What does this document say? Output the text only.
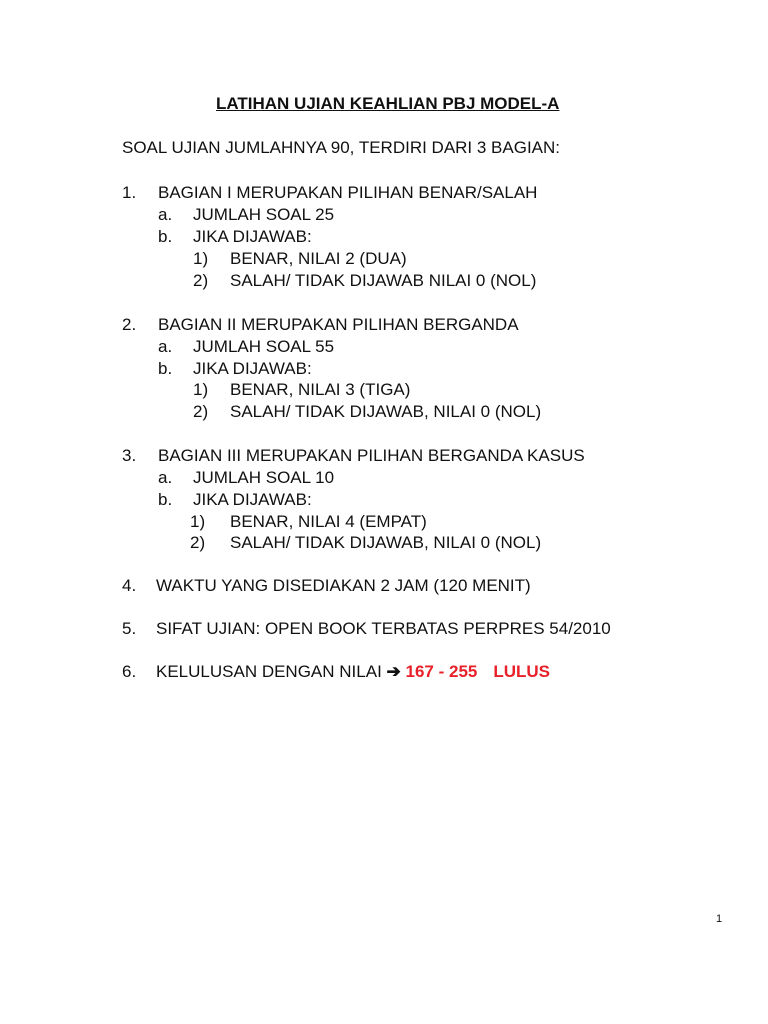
LATIHAN UJIAN KEAHLIAN PBJ MODEL-A
SOAL UJIAN JUMLAHNYA 90, TERDIRI DARI 3 BAGIAN:
1. BAGIAN I MERUPAKAN PILIHAN BENAR/SALAH
a. JUMLAH SOAL 25
b. JIKA DIJAWAB:
1) BENAR, NILAI 2 (DUA)
2) SALAH/ TIDAK DIJAWAB NILAI 0 (NOL)
2. BAGIAN II MERUPAKAN PILIHAN BERGANDA
a. JUMLAH SOAL 55
b. JIKA DIJAWAB:
1) BENAR, NILAI 3 (TIGA)
2) SALAH/ TIDAK DIJAWAB, NILAI 0 (NOL)
3. BAGIAN III MERUPAKAN PILIHAN BERGANDA KASUS
a. JUMLAH SOAL 10
b. JIKA DIJAWAB:
1) BENAR, NILAI 4 (EMPAT)
2) SALAH/ TIDAK DIJAWAB, NILAI 0 (NOL)
4. WAKTU YANG DISEDIAKAN 2 JAM (120 MENIT)
5. SIFAT UJIAN: OPEN BOOK TERBATAS PERPRES 54/2010
6. KELULUSAN DENGAN NILAI ➔ 167 - 255 LULUS
1
